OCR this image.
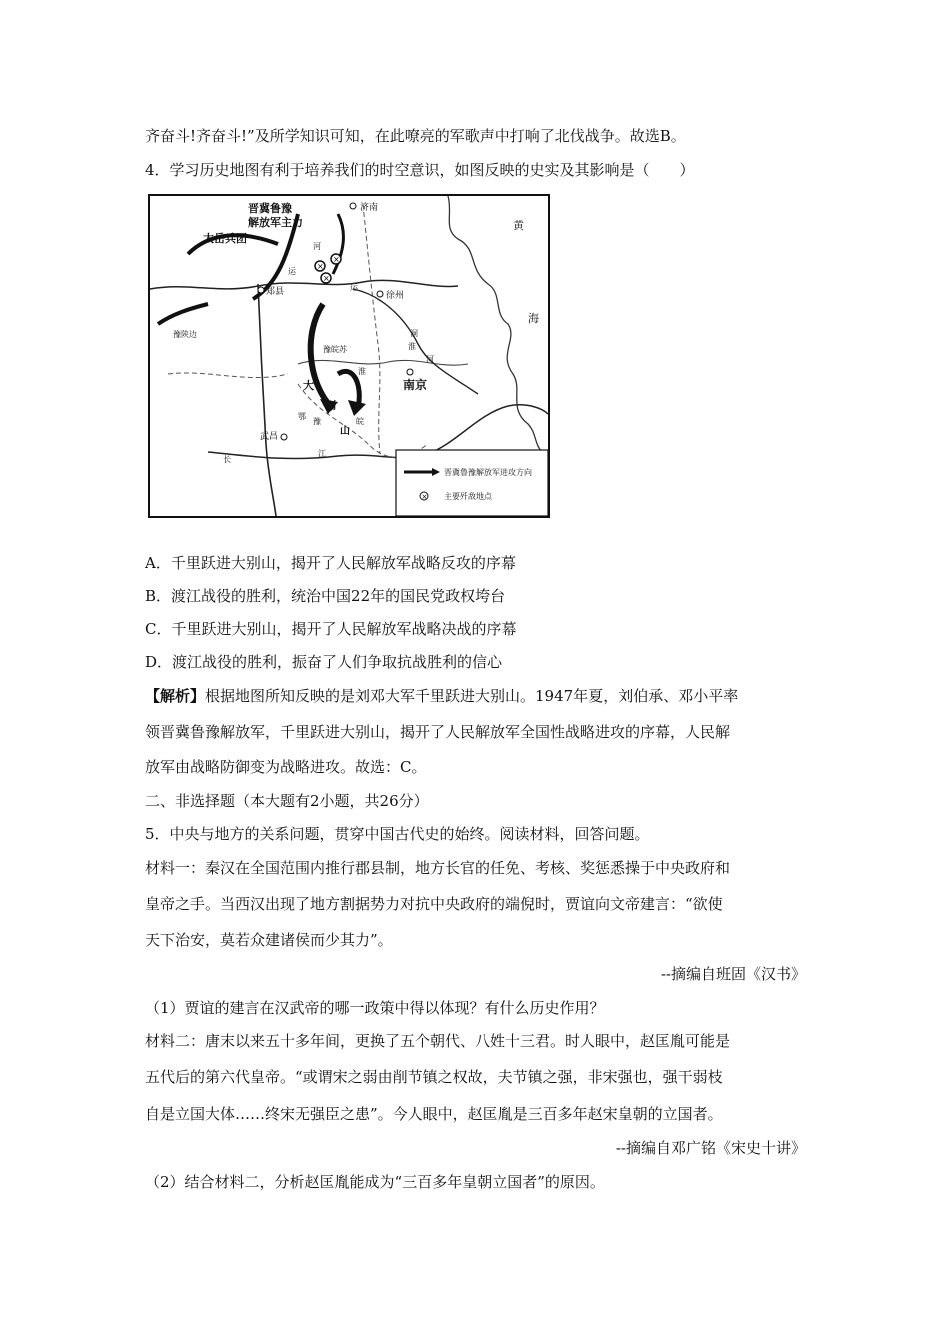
齐奋斗!齐奋斗!”及所学知识可知，在此嘹亮的军歌声中打响了北伐战争。故选B。
4．学习历史地图有利于培养我们的时空意识，如图反映的史实及其影响是（　　）
×
×
×
晋冀鲁豫
解放军主力
太岳兵团
济南
河
运
徐州
郑县
豫陕边
豫皖苏
南京
淮
淮
大
别
山
鄂
豫	皖
武昌
长
江
黄
海
洞
河
运
晋冀鲁豫解放军进攻方向
× 主要歼敌地点
A．千里跃进大别山，揭开了人民解放军战略反攻的序幕
B．渡江战役的胜利，统治中国22年的国民党政权垮台
C．千里跃进大别山，揭开了人民解放军战略决战的序幕
D．渡江战役的胜利，振奋了人们争取抗战胜利的信心
【解析】根据地图所知反映的是刘邓大军千里跃进大别山。1947年夏，刘伯承、邓小平率
领晋冀鲁豫解放军，千里跃进大别山，揭开了人民解放军全国性战略进攻的序幕，人民解
放军由战略防御变为战略进攻。故选：C。
二、非选择题（本大题有2小题，共26分）
5．中央与地方的关系问题，贯穿中国古代史的始终。阅读材料，回答问题。
材料一：秦汉在全国范围内推行郡县制，地方长官的任免、考核、奖惩悉操于中央政府和
皇帝之手。当西汉出现了地方割据势力对抗中央政府的端倪时，贾谊向文帝建言：“欲使
天下治安，莫若众建诸侯而少其力”。
--摘编自班固《汉书》
（1）贾谊的建言在汉武帝的哪一政策中得以体现？有什么历史作用？
材料二：唐末以来五十多年间，更换了五个朝代、八姓十三君。时人眼中，赵匡胤可能是
五代后的第六代皇帝。“或谓宋之弱由削节镇之权故，夫节镇之强，非宋强也，强干弱枝
自是立国大体……终宋无强臣之患”。今人眼中，赵匡胤是三百多年赵宋皇朝的立国者。
--摘编自邓广铭《宋史十讲》
（2）结合材料二，分析赵匡胤能成为“三百多年皇朝立国者”的原因。
